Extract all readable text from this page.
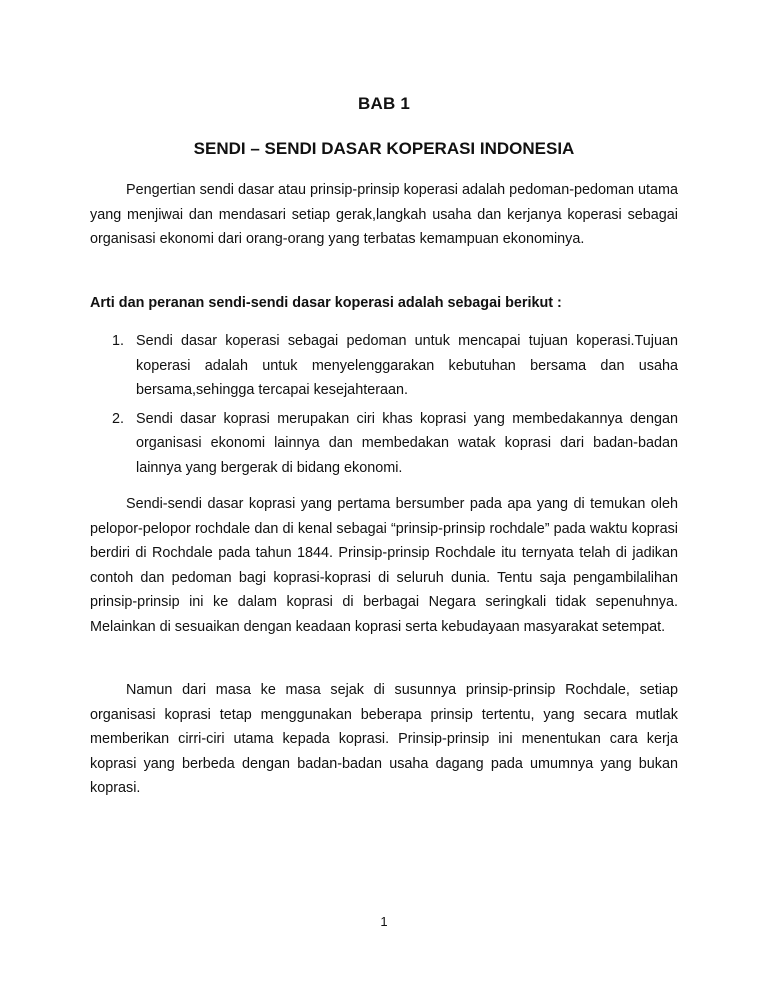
BAB 1
SENDI – SENDI DASAR KOPERASI INDONESIA

Pengertian sendi dasar atau prinsip-prinsip koperasi adalah pedoman-pedoman utama yang menjiwai dan mendasari setiap gerak,langkah usaha dan kerjanya koperasi sebagai organisasi ekonomi dari orang-orang yang terbatas kemampuan ekonominya.

Arti dan peranan sendi-sendi dasar koperasi adalah sebagai berikut :

1. Sendi dasar koperasi sebagai pedoman untuk mencapai tujuan koperasi.Tujuan koperasi adalah untuk menyelenggarakan kebutuhan bersama dan usaha bersama,sehingga tercapai kesejahteraan.
2. Sendi dasar koprasi merupakan ciri khas koprasi yang membedakannya dengan organisasi ekonomi lainnya dan membedakan watak koprasi dari badan-badan lainnya yang bergerak di bidang ekonomi.

Sendi-sendi dasar koprasi yang pertama bersumber pada apa yang di temukan oleh pelopor-pelopor rochdale dan di kenal sebagai “prinsip-prinsip rochdale” pada waktu koprasi berdiri di Rochdale pada tahun 1844. Prinsip-prinsip Rochdale itu ternyata telah di jadikan contoh dan pedoman bagi koprasi-koprasi di seluruh dunia. Tentu saja pengambilalihan prinsip-prinsip ini ke dalam koprasi di berbagai Negara seringkali tidak sepenuhnya. Melainkan di sesuaikan dengan keadaan koprasi serta kebudayaan masyarakat setempat.

Namun dari masa ke masa sejak di susunnya prinsip-prinsip Rochdale, setiap organisasi koprasi tetap menggunakan beberapa prinsip tertentu, yang secara mutlak memberikan cirri-ciri utama kepada koprasi. Prinsip-prinsip ini menentukan cara kerja koprasi yang berbeda dengan badan-badan usaha dagang pada umumnya yang bukan koprasi.

1
